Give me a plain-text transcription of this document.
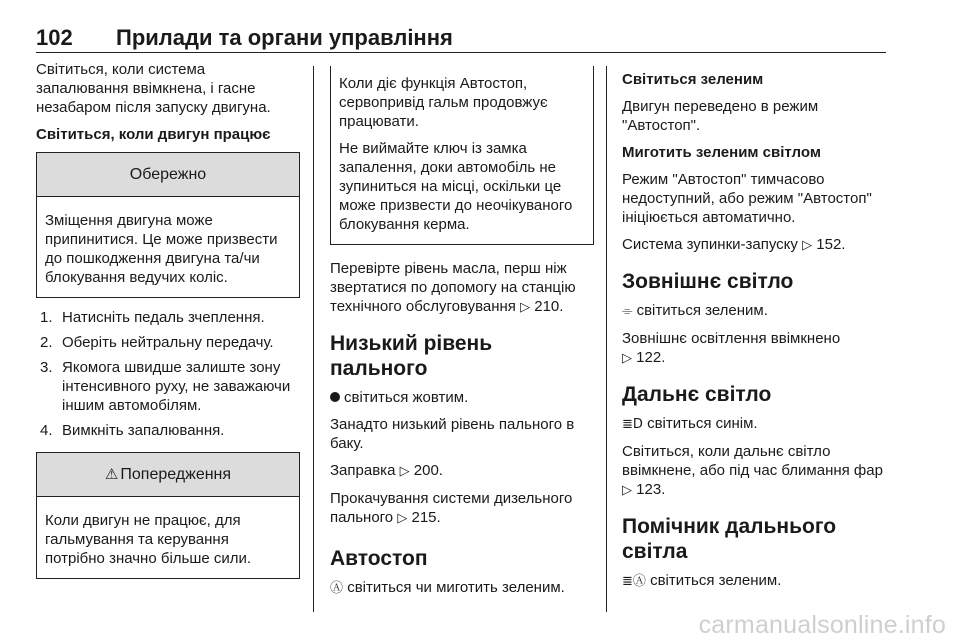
102 Прилади та органи управління

Світиться, коли система запалювання ввімкнена, і гасне незабаром після запуску двигуна.

Світиться, коли двигун працює
Обережно
Зміщення двигуна може припинитися. Це може призвести до пошкодження двигуна та/чи блокування ведучих коліс.
1. Натисніть педаль зчеплення.
2. Оберіть нейтральну передачу.
3. Якомога швидше залиште зону інтенсивного руху, не заважаючи іншим автомобілям.
4. Вимкніть запалювання.
⚠ Попередження
Коли двигун не працює, для гальмування та керування потрібно значно більше сили.

Коли діє функція Автостоп, сервопривід гальм продовжує працювати.

Не виймайте ключ із замка запалення, доки автомобіль не зупиниться на місці, оскільки це може призвести до неочікуваного блокування керма.

Перевірте рівень масла, перш ніж звертатися по допомогу на станцію технічного обслуговування ▷ 210.

Низький рівень пального

світиться жовтим.

Занадто низький рівень пального в баку.

Заправка ▷ 200.

Прокачування системи дизельного пального ▷ 215.

Автостоп

Ⓐ світиться чи миготить зеленим.

Світиться зеленим

Двигун переведено в режим "Автостоп".

Миготить зеленим світлом

Режим "Автостоп" тимчасово недоступний, або режим "Автостоп" ініціюється автоматично.

Система зупинки-запуску ▷ 152.

Зовнішнє світло

⌯ світиться зеленим.

Зовнішнє освітлення ввімкнено
▷ 122.

Дальнє світло

≣D світиться синім.

Світиться, коли дальнє світло ввімкнене, або під час блимання фар ▷ 123.

Помічник дальнього світла

≣Ⓐ світиться зеленим.

carmanualsonline.info
